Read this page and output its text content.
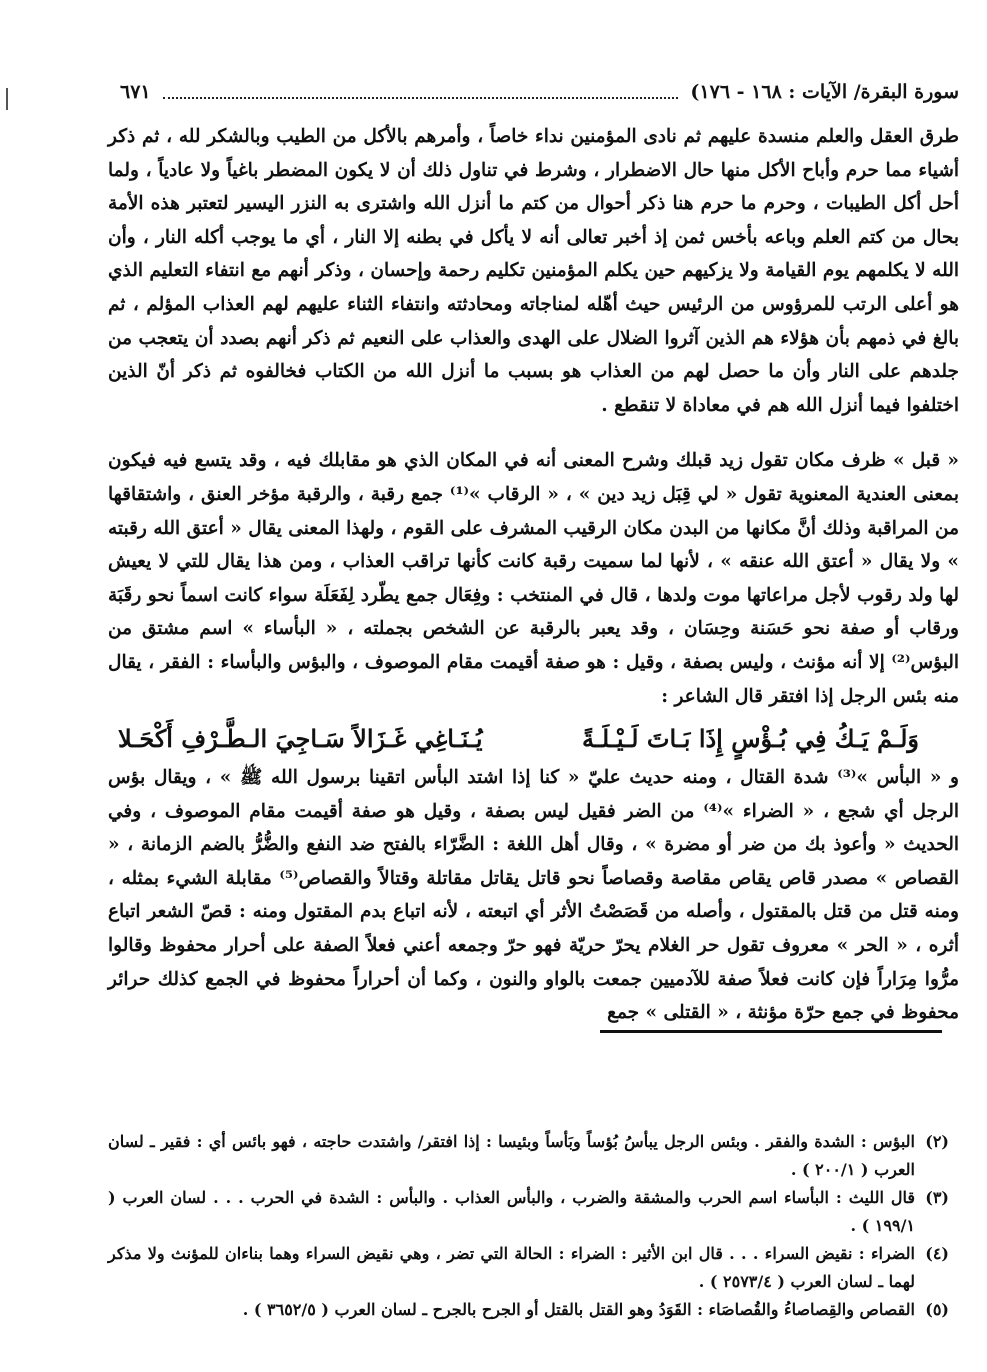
سورة البقرة/ الآيات : ١٦٨ - ١٧٦)
٦٧١

طرق العقل والعلم منسدة عليهم ثم نادى المؤمنين نداء خاصاً ، وأمرهم بالأكل من الطيب وبالشكر لله ، ثم ذكر أشياء مما حرم وأباح الأكل منها حال الاضطرار ، وشرط في تناول ذلك أن لا يكون المضطر باغياً ولا عادياً ، ولما أحل أكل الطيبات ، وحرم ما حرم هنا ذكر أحوال من كتم ما أنزل الله واشترى به النزر اليسير لتعتبر هذه الأمة بحال من كتم العلم وباعه بأخس ثمن إذ أخبر تعالى أنه لا يأكل في بطنه إلا النار ، أي ما يوجب أكله النار ، وأن الله لا يكلمهم يوم القيامة ولا يزكيهم حين يكلم المؤمنين تكليم رحمة وإحسان ، وذكر أنهم مع انتفاء التعليم الذي هو أعلى الرتب للمرؤوس من الرئيس حيث أهّله لمناجاته ومحادثته وانتفاء الثناء عليهم لهم العذاب المؤلم ، ثم بالغ في ذمهم بأن هؤلاء هم الذين آثروا الضلال على الهدى والعذاب على النعيم ثم ذكر أنهم بصدد أن يتعجب من جلدهم على النار وأن ما حصل لهم من العذاب هو بسبب ما أنزل الله من الكتاب فخالفوه ثم ذكر أنّ الذين اختلفوا فيما أنزل الله هم في معاداة لا تنقطع .

« قبل » ظرف مكان تقول زيد قبلك وشرح المعنى أنه في المكان الذي هو مقابلك فيه ، وقد يتسع فيه فيكون بمعنى العندية المعنوية تقول « لي قِبَل زيد دين » ، « الرقاب »⁽¹⁾ جمع رقبة ، والرقبة مؤخر العنق ، واشتقاقها من المراقبة وذلك أنَّ مكانها من البدن مكان الرقيب المشرف على القوم ، ولهذا المعنى يقال « أعتق الله رقبته » ولا يقال « أعتق الله عنقه » ، لأنها لما سميت رقبة كانت كأنها تراقب العذاب ، ومن هذا يقال للتي لا يعيش لها ولد رقوب لأجل مراعاتها موت ولدها ، قال في المنتخب : وفِعَال جمع يطّرد لِفَعَلَة سواء كانت اسماً نحو رقَبَة ورقاب أو صفة نحو حَسَنة وحِسَان ، وقد يعبر بالرقبة عن الشخص بجملته ، « البأساء » اسم مشتق من البؤس⁽²⁾ إلا أنه مؤنث ، وليس بصفة ، وقيل : هو صفة أقيمت مقام الموصوف ، والبؤس والبأساء : الفقر ، يقال منه بئس الرجل إذا افتقر قال الشاعر :

وَلَـمْ يَـكُ فِي بُـؤْسٍ إِذَا بَـاتَ لَـيْـلَـةً
يُـنَـاغِي غَـزَالاً سَـاجِيَ الـطَّـرْفِ أَكْحَـلا

و « البأس »⁽³⁾ شدة القتال ، ومنه حديث عليّ « كنا إذا اشتد البأس اتقينا برسول الله ﷺ » ، ويقال بؤس الرجل أي شجع ، « الضراء »⁽⁴⁾ من الضر فقيل ليس بصفة ، وقيل هو صفة أقيمت مقام الموصوف ، وفي الحديث « وأعوذ بك من ضر أو مضرة » ، وقال أهل اللغة : الضَّرّاء بالفتح ضد النفع والضُّرُّ بالضم الزمانة ، « القصاص » مصدر قاص يقاص مقاصة وقصاصاً نحو قاتل يقاتل مقاتلة وقتالاً والقصاص⁽⁵⁾ مقابلة الشيء بمثله ، ومنه قتل من قتل بالمقتول ، وأصله من قَصَصْتُ الأثر أي اتبعته ، لأنه اتباع بدم المقتول ومنه : قصّ الشعر اتباع أثره ، « الحر » معروف تقول حر الغلام يحرّ حريّة فهو حرّ وجمعه أعني فعلاً الصفة على أحرار محفوظ وقالوا مرُّوا مِرَاراً فإن كانت فعلاً صفة للآدميين جمعت بالواو والنون ، وكما أن أحراراً محفوظ في الجمع كذلك حرائر محفوظ في جمع حرّة مؤنثة ، « القتلى » جمع

(٢)
البؤس : الشدة والفقر . وبئس الرجل يبأسُ بُؤساً وبَأساً وبئيسا : إذا افتقر/ واشتدت حاجته ، فهو بائس أي : فقير ـ لسان العرب ( ٢٠٠/١ ) .
(٣)
قال الليث : البأساء اسم الحرب والمشقة والضرب ، والبأس العذاب . والبأس : الشدة في الحرب . . . لسان العرب ( ١٩٩/١ ) .
(٤)
الضراء : نقيض السراء . . . قال ابن الأثير : الضراء : الحالة التي تضر ، وهي نقيض السراء وهما بناءان للمؤنث ولا مذكر لهما ـ لسان العرب ( ٢٥٧٣/٤ ) .
(٥)
القصاص والقِصاصاءُ والقُصاصَاء : القَوَدُ وهو القتل بالقتل أو الجرح بالجرح ـ لسان العرب ( ٣٦٥٢/٥ ) .
